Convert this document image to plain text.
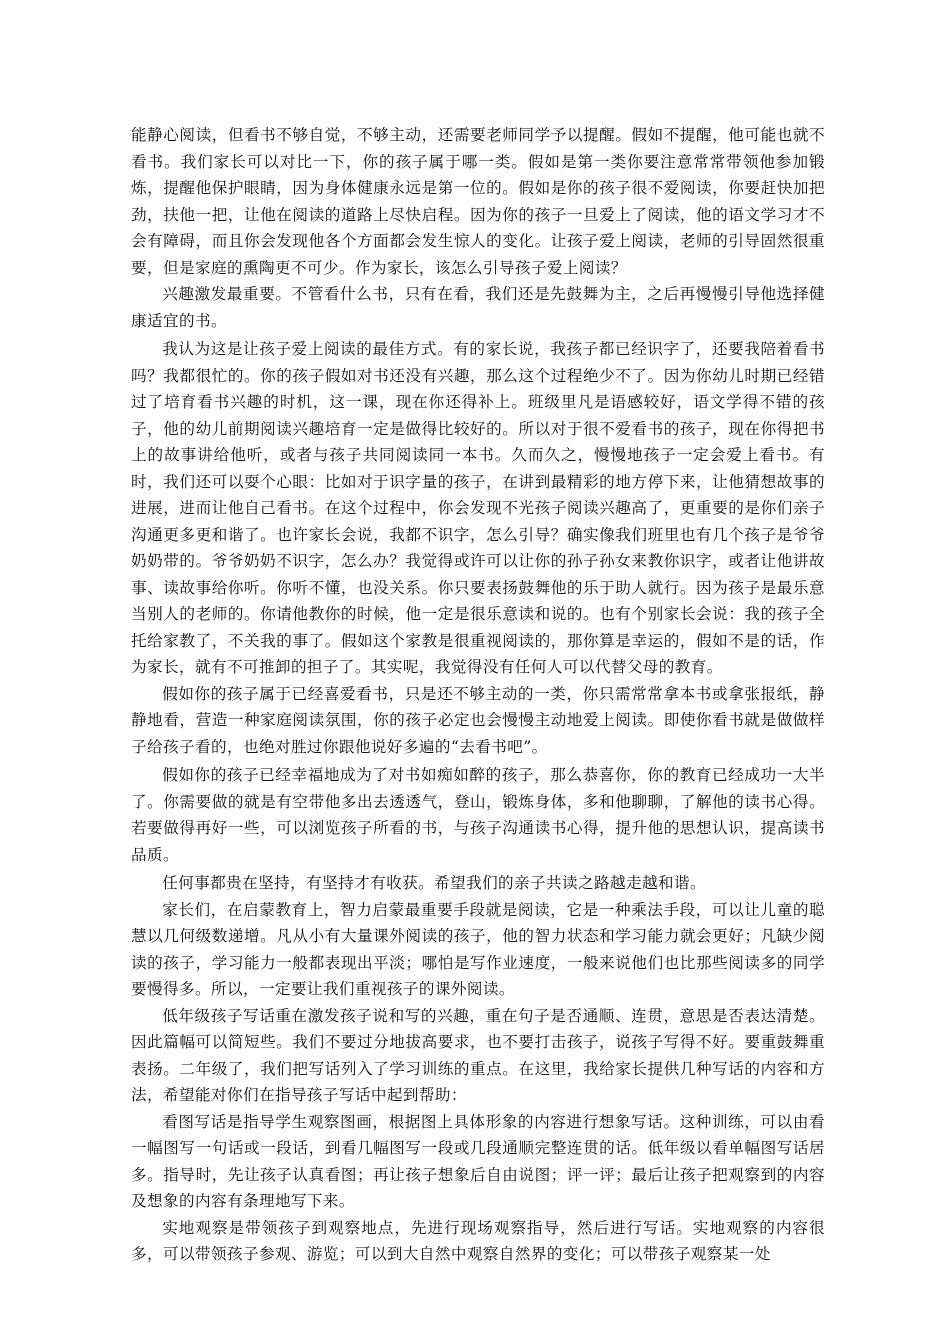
能静心阅读，但看书不够自觉，不够主动，还需要老师同学予以提醒。假如不提醒，他可能也就不看书。我们家长可以对比一下，你的孩子属于哪一类。假如是第一类你要注意常常带领他参加锻炼，提醒他保护眼睛，因为身体健康永远是第一位的。假如是你的孩子很不爱阅读，你要赶快加把劲，扶他一把，让他在阅读的道路上尽快启程。因为你的孩子一旦爱上了阅读，他的语文学习才不会有障碍，而且你会发现他各个方面都会发生惊人的变化。让孩子爱上阅读，老师的引导固然很重要，但是家庭的熏陶更不可少。作为家长，该怎么引导孩子爱上阅读？

兴趣激发最重要。不管看什么书，只有在看，我们还是先鼓舞为主，之后再慢慢引导他选择健康适宜的书。

我认为这是让孩子爱上阅读的最佳方式。有的家长说，我孩子都已经识字了，还要我陪着看书吗？我都很忙的。你的孩子假如对书还没有兴趣，那么这个过程绝少不了。因为你幼儿时期已经错过了培育看书兴趣的时机，这一课，现在你还得补上。班级里凡是语感较好，语文学得不错的孩子，他的幼儿前期阅读兴趣培育一定是做得比较好的。所以对于很不爱看书的孩子，现在你得把书上的故事讲给他听，或者与孩子共同阅读同一本书。久而久之，慢慢地孩子一定会爱上看书。有时，我们还可以耍个心眼：比如对于识字量的孩子，在讲到最精彩的地方停下来，让他猜想故事的进展，进而让他自己看书。在这个过程中，你会发现不光孩子阅读兴趣高了，更重要的是你们亲子沟通更多更和谐了。也许家长会说，我都不识字，怎么引导？确实像我们班里也有几个孩子是爷爷奶奶带的。爷爷奶奶不识字，怎么办？我觉得或许可以让你的孙子孙女来教你识字，或者让他讲故事、读故事给你听。你听不懂，也没关系。你只要表扬鼓舞他的乐于助人就行。因为孩子是最乐意当别人的老师的。你请他教你的时候，他一定是很乐意读和说的。也有个别家长会说：我的孩子全托给家教了，不关我的事了。假如这个家教是很重视阅读的，那你算是幸运的，假如不是的话，作为家长，就有不可推卸的担子了。其实呢，我觉得没有任何人可以代替父母的教育。

假如你的孩子属于已经喜爱看书，只是还不够主动的一类，你只需常常拿本书或拿张报纸，静静地看，营造一种家庭阅读氛围，你的孩子必定也会慢慢主动地爱上阅读。即使你看书就是做做样子给孩子看的，也绝对胜过你跟他说好多遍的“去看书吧”。

假如你的孩子已经幸福地成为了对书如痴如醉的孩子，那么恭喜你，你的教育已经成功一大半了。你需要做的就是有空带他多出去透透气，登山，锻炼身体，多和他聊聊，了解他的读书心得。若要做得再好一些，可以浏览孩子所看的书，与孩子沟通读书心得，提升他的思想认识，提高读书品质。

任何事都贵在坚持，有坚持才有收获。希望我们的亲子共读之路越走越和谐。

家长们，在启蒙教育上，智力启蒙最重要手段就是阅读，它是一种乘法手段，可以让儿童的聪慧以几何级数递增。凡从小有大量课外阅读的孩子，他的智力状态和学习能力就会更好；凡缺少阅读的孩子，学习能力一般都表现出平淡；哪怕是写作业速度，一般来说他们也比那些阅读多的同学要慢得多。所以，一定要让我们重视孩子的课外阅读。

低年级孩子写话重在激发孩子说和写的兴趣，重在句子是否通顺、连贯，意思是否表达清楚。因此篇幅可以简短些。我们不要过分地拔高要求，也不要打击孩子，说孩子写得不好。要重鼓舞重表扬。二年级了，我们把写话列入了学习训练的重点。在这里，我给家长提供几种写话的内容和方法，希望能对你们在指导孩子写话中起到帮助：

看图写话是指导学生观察图画，根据图上具体形象的内容进行想象写话。这种训练，可以由看一幅图写一句话或一段话，到看几幅图写一段或几段通顺完整连贯的话。低年级以看单幅图写话居多。指导时，先让孩子认真看图；再让孩子想象后自由说图；评一评；最后让孩子把观察到的内容及想象的内容有条理地写下来。

实地观察是带领孩子到观察地点，先进行现场观察指导，然后进行写话。实地观察的内容很多，可以带领孩子参观、游览；可以到大自然中观察自然界的变化；可以带孩子观察某一处
